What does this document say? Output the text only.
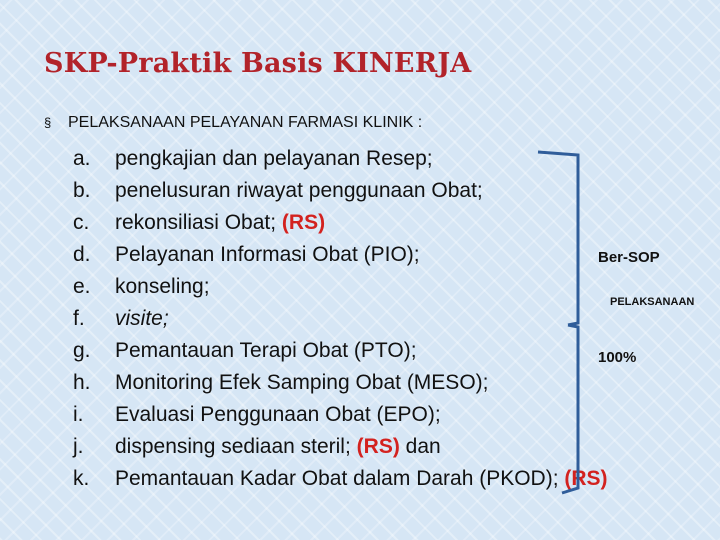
SKP-Praktik Basis KINERJA
§ PELAKSANAAN PELAYANAN FARMASI KLINIK :
a. pengkajian dan pelayanan Resep;
b. penelusuran riwayat penggunaan Obat;
c. rekonsiliasi Obat; (RS)
d. Pelayanan Informasi Obat (PIO);
e. konseling;
f. visite;
g. Pemantauan Terapi Obat (PTO);
h. Monitoring Efek Samping Obat (MESO);
i. Evaluasi Penggunaan Obat (EPO);
j. dispensing sediaan steril; (RS) dan
k. Pemantauan Kadar Obat dalam Darah (PKOD); (RS)
Ber-SOP
PELAKSANAAN
100%
